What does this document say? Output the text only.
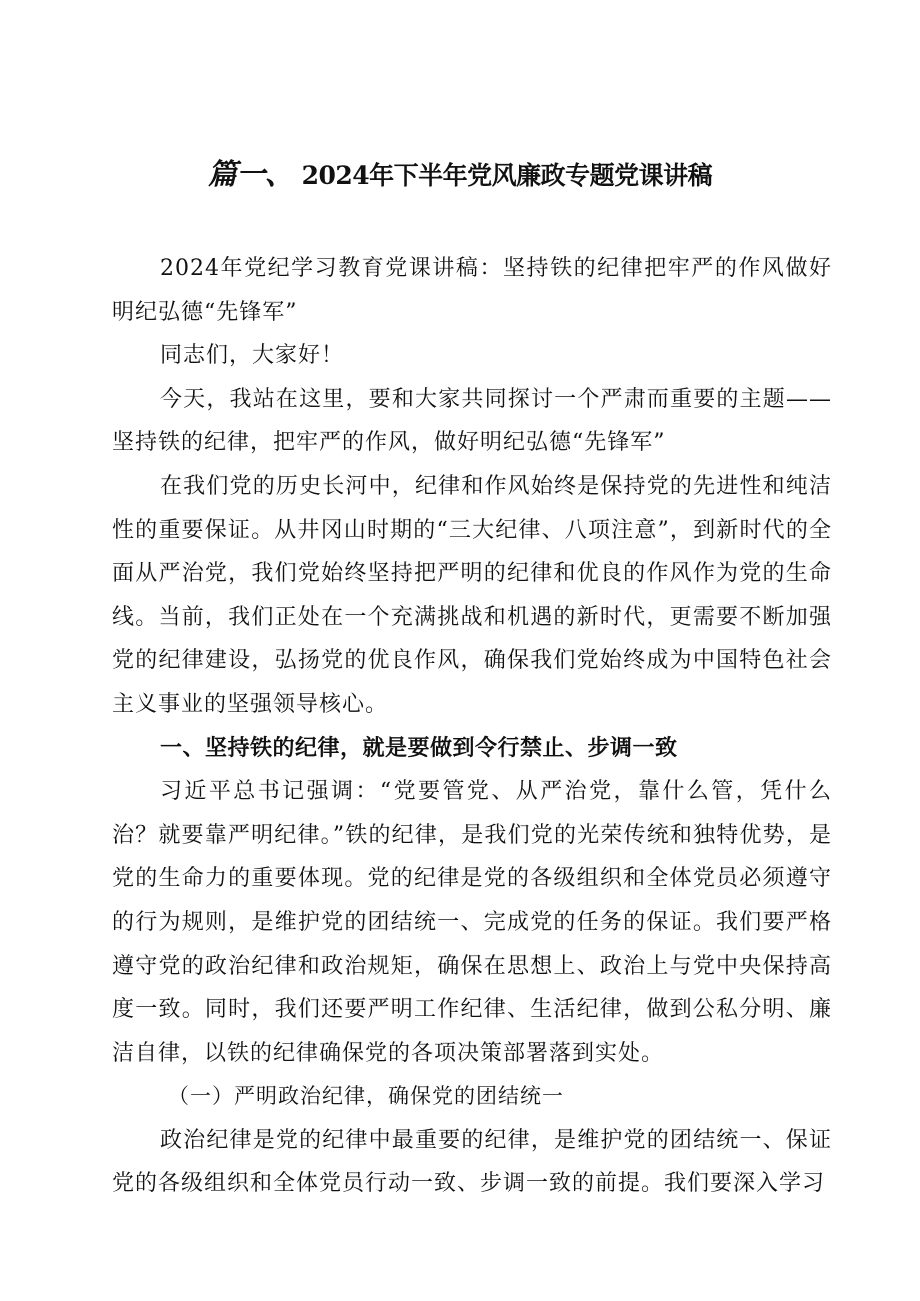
篇一、 2024年下半年党风廉政专题党课讲稿

2024年党纪学习教育党课讲稿：坚持铁的纪律把牢严的作风做好明纪弘德“先锋军”

同志们，大家好！

今天，我站在这里，要和大家共同探讨一个严肃而重要的主题——坚持铁的纪律，把牢严的作风，做好明纪弘德“先锋军”

在我们党的历史长河中，纪律和作风始终是保持党的先进性和纯洁性的重要保证。从井冈山时期的“三大纪律、八项注意”，到新时代的全面从严治党，我们党始终坚持把严明的纪律和优良的作风作为党的生命线。当前，我们正处在一个充满挑战和机遇的新时代，更需要不断加强党的纪律建设，弘扬党的优良作风，确保我们党始终成为中国特色社会主义事业的坚强领导核心。

一、坚持铁的纪律，就是要做到令行禁止、步调一致

习近平总书记强调：“党要管党、从严治党，靠什么管，凭什么治？就要靠严明纪律。”铁的纪律，是我们党的光荣传统和独特优势，是党的生命力的重要体现。党的纪律是党的各级组织和全体党员必须遵守的行为规则，是维护党的团结统一、完成党的任务的保证。我们要严格遵守党的政治纪律和政治规矩，确保在思想上、政治上与党中央保持高度一致。同时，我们还要严明工作纪律、生活纪律，做到公私分明、廉洁自律，以铁的纪律确保党的各项决策部署落到实处。

（一）严明政治纪律，确保党的团结统一

政治纪律是党的纪律中最重要的纪律，是维护党的团结统一、保证党的各级组织和全体党员行动一致、步调一致的前提。我们要深入学习
